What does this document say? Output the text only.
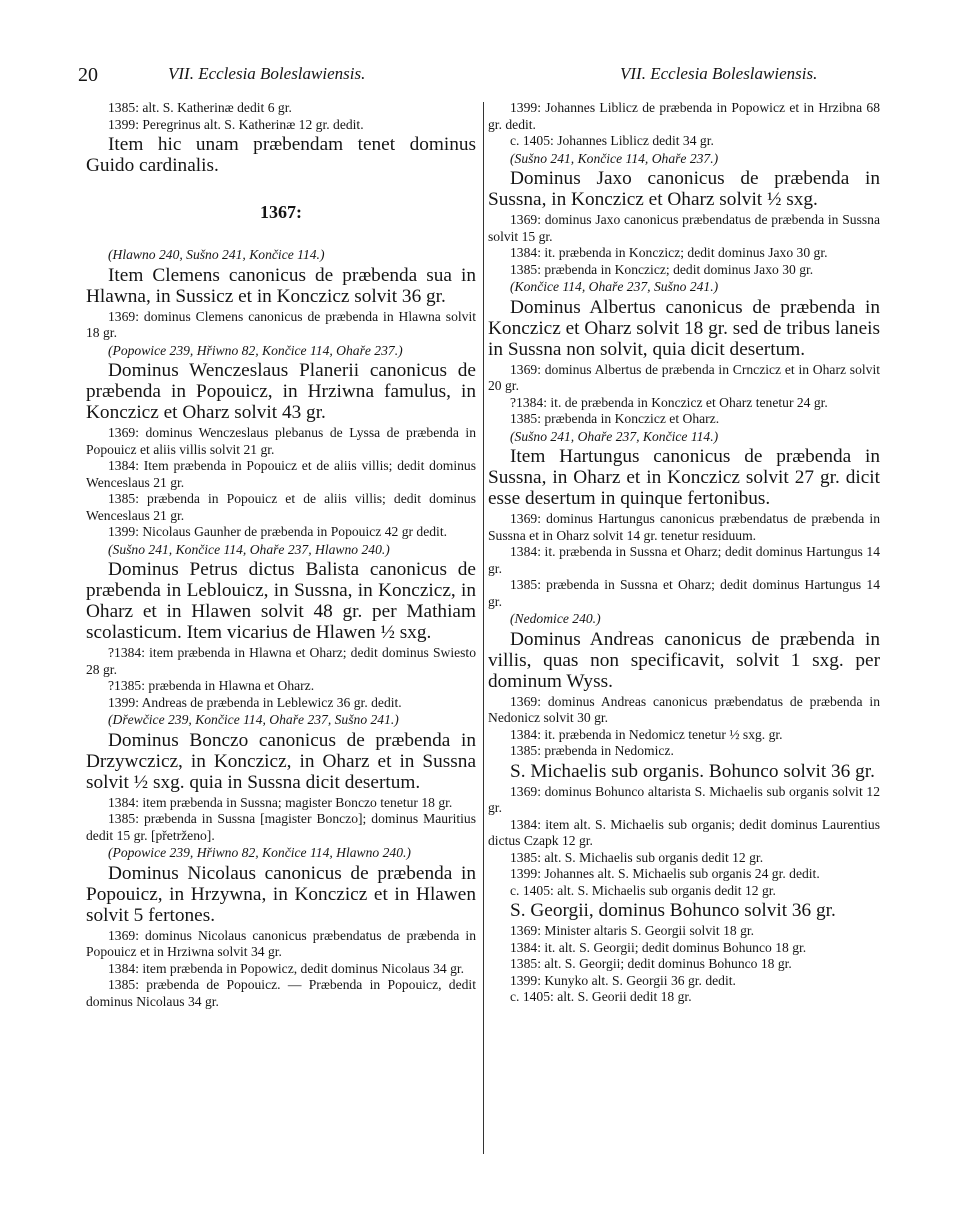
20	VII. Ecclesia Boleslawiensis.	VII. Ecclesia Boleslawiensis.

1385: alt. S. Katherinæ dedit 6 gr.

1399: Peregrinus alt. S. Katherinæ 12 gr. dedit.

Item hic unam præbendam tenet dominus Guido cardinalis.

1367:

(Hlawno 240, Sušno 241, Končice 114.)

Item Clemens canonicus de præbenda sua in Hlawna, in Sussicz et in Konczicz solvit 36 gr.

1369: dominus Clemens canonicus de præbenda in Hlawna solvit 18 gr.

(Popowice 239, Hřiwno 82, Končice 114, Ohaře 237.)

Dominus Wenczeslaus Planerii canonicus de præbenda in Popouicz, in Hrziwna famulus, in Konczicz et Oharz solvit 43 gr.

1369: dominus Wenczeslaus plebanus de Lyssa de præbenda in Popouicz et aliis villis solvit 21 gr.

1384: Item præbenda in Popouicz et de aliis villis; dedit dominus Wenceslaus 21 gr.

1385: præbenda in Popouicz et de aliis villis; dedit dominus Wenceslaus 21 gr.

1399: Nicolaus Gaunher de præbenda in Popouicz 42 gr dedit.

(Sušno 241, Končice 114, Ohaře 237, Hlawno 240.)

Dominus Petrus dictus Balista canonicus de præbenda in Leblouicz, in Sussna, in Konczicz, in Oharz et in Hlawen solvit 48 gr. per Mathiam scolasticum. Item vicarius de Hlawen ½ sxg.

?1384: item præbenda in Hlawna et Oharz; dedit dominus Swiesto 28 gr.

?1385: præbenda in Hlawna et Oharz.

1399: Andreas de præbenda in Leblewicz 36 gr. dedit.

(Dřewčice 239, Končice 114, Ohaře 237, Sušno 241.)

Dominus Bonczo canonicus de præbenda in Drzywczicz, in Konczicz, in Oharz et in Sussna solvit ½ sxg. quia in Sussna dicit desertum.

1384: item præbenda in Sussna; magister Bonczo tenetur 18 gr.

1385: præbenda in Sussna [magister Bonczo]; dominus Mauritius dedit 15 gr. [přetrženo].

(Popowice 239, Hřiwno 82, Končice 114, Hlawno 240.)

Dominus Nicolaus canonicus de præbenda in Popouicz, in Hrzywna, in Konczicz et in Hlawen solvit 5 fertones.

1369: dominus Nicolaus canonicus præbendatus de præbenda in Popouicz et in Hrziwna solvit 34 gr.

1384: item præbenda in Popowicz, dedit dominus Nicolaus 34 gr.

1385: præbenda de Popouicz. — Præbenda in Popouicz, dedit dominus Nicolaus 34 gr.

1399: Johannes Liblicz de præbenda in Popowicz et in Hrzibna 68 gr. dedit.

c. 1405: Johannes Liblicz dedit 34 gr.

(Sušno 241, Končice 114, Ohaře 237.)

Dominus Jaxo canonicus de præbenda in Sussna, in Konczicz et Oharz solvit ½ sxg.

1369: dominus Jaxo canonicus præbendatus de præbenda in Sussna solvit 15 gr.

1384: it. præbenda in Konczicz; dedit dominus Jaxo 30 gr.

1385: præbenda in Konczicz; dedit dominus Jaxo 30 gr.

(Končice 114, Ohaře 237, Sušno 241.)

Dominus Albertus canonicus de præbenda in Konczicz et Oharz solvit 18 gr. sed de tribus laneis in Sussna non solvit, quia dicit desertum.

1369: dominus Albertus de præbenda in Crnczicz et in Oharz solvit 20 gr.

?1384: it. de præbenda in Konczicz et Oharz tenetur 24 gr.

1385: præbenda in Konczicz et Oharz.

(Sušno 241, Ohaře 237, Končice 114.)

Item Hartungus canonicus de præbenda in Sussna, in Oharz et in Konczicz solvit 27 gr. dicit esse desertum in quinque fertonibus.

1369: dominus Hartungus canonicus præbendatus de præbenda in Sussna et in Oharz solvit 14 gr. tenetur residuum.

1384: it. præbenda in Sussna et Oharz; dedit dominus Hartungus 14 gr.

1385: præbenda in Sussna et Oharz; dedit dominus Hartungus 14 gr.

(Nedomice 240.)

Dominus Andreas canonicus de præbenda in villis, quas non specificavit, solvit 1 sxg. per dominum Wyss.

1369: dominus Andreas canonicus præbendatus de præbenda in Nedonicz solvit 30 gr.

1384: it. præbenda in Nedomicz tenetur ½ sxg. gr.

1385: præbenda in Nedomicz.

S. Michaelis sub organis. Bohunco solvit 36 gr.

1369: dominus Bohunco altarista S. Michaelis sub organis solvit 12 gr.

1384: item alt. S. Michaelis sub organis; dedit dominus Laurentius dictus Czapk 12 gr.

1385: alt. S. Michaelis sub organis dedit 12 gr.

1399: Johannes alt. S. Michaelis sub organis 24 gr. dedit.

c. 1405: alt. S. Michaelis sub organis dedit 12 gr.

S. Georgii, dominus Bohunco solvit 36 gr.

1369: Minister altaris S. Georgii solvit 18 gr.

1384: it. alt. S. Georgii; dedit dominus Bohunco 18 gr.

1385: alt. S. Georgii; dedit dominus Bohunco 18 gr.

1399: Kunyko alt. S. Georgii 36 gr. dedit.

c. 1405: alt. S. Georii dedit 18 gr.
